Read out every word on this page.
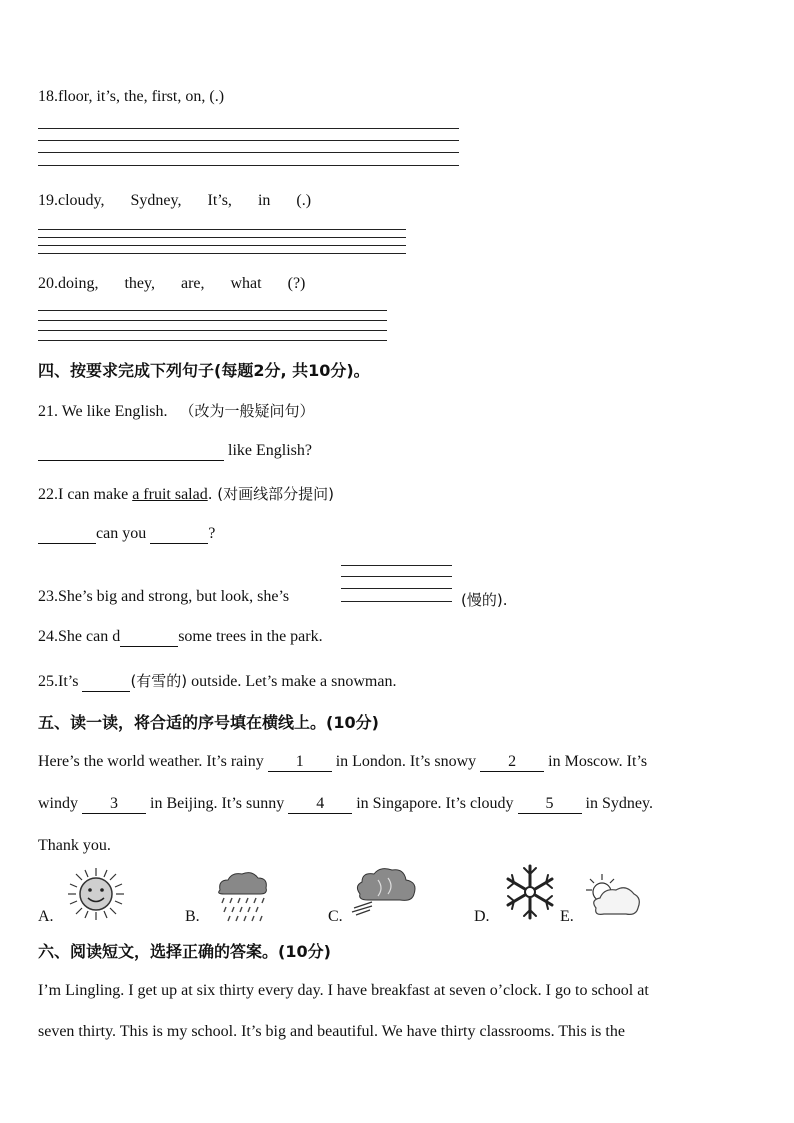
18.floor, it’s, the, first, on, (.)
19.cloudy, Sydney, It’s, in (.)
20.doing, they, are, what (?)
四、按要求完成下列句子(每题2分, 共10分)。
21. We like English. （改为一般疑问句）
like English?
22.I can make a fruit salad. (对画线部分提问)
can you	?
23.She’s big and strong, but look, she’s	(慢的).
24.She can d	some trees in the park.
25.It’s	(有雪的) outside. Let’s make a snowman.
五、读一读，将合适的序号填在横线上。(10分)
Here’s the world weather. It’s rainy 1 in London. It’s snowy 2 in Moscow. It’s
windy 3 in Beijing. It’s sunny 4 in Singapore. It’s cloudy 5 in Sydney.
Thank you.
A.	B.	C.	D.	E.
六、阅读短文，选择正确的答案。(10分)
I’m Lingling. I get up at six thirty every day. I have breakfast at seven o’clock. I go to school at
seven thirty. This is my school. It’s big and beautiful. We have thirty classrooms. This is the
